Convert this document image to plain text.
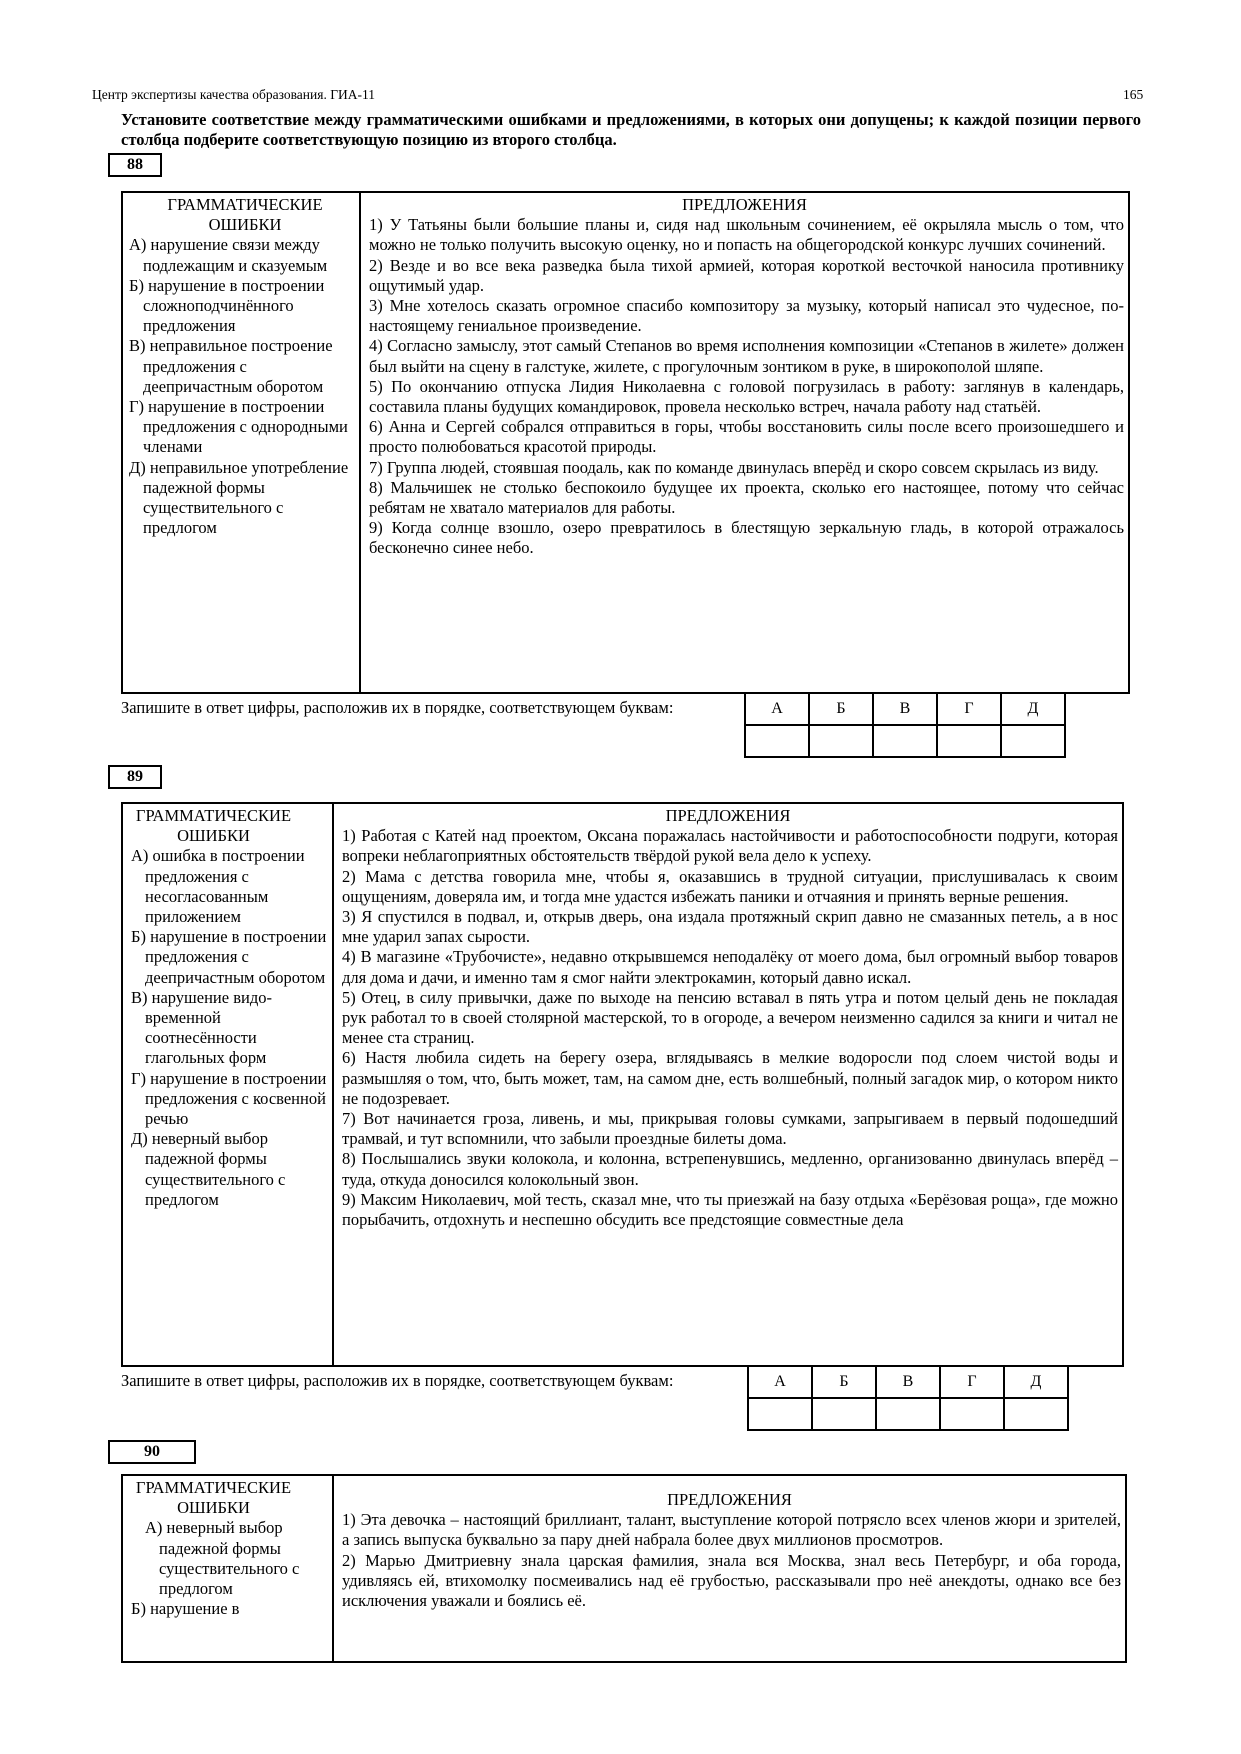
Центр экспертизы качества образования. ГИА-11	165
Установите соответствие между грамматическими ошибками и предложениями, в которых они допущены; к каждой позиции первого столбца подберите соответствующую позицию из второго столбца.
88
ГРАММАТИЧЕСКИЕ ОШИБКИ
А) нарушение связи между подлежащим и сказуемым
Б) нарушение в построении сложноподчинённого предложения
В) неправильное построение предложения с деепричастным оборотом
Г) нарушение в построении предложения с однородными членами
Д) неправильное употребление падежной формы существительного с предлогом
ПРЕДЛОЖЕНИЯ
1) У Татьяны были большие планы и, сидя над школьным сочинением, её окрыляла мысль о том, что можно не только получить высокую оценку, но и попасть на общегородской конкурс лучших сочинений.
2) Везде и во все века разведка была тихой армией, которая короткой весточкой наносила противнику ощутимый удар.
3) Мне хотелось сказать огромное спасибо композитору за музыку, который написал это чудесное, по-настоящему гениальное произведение.
4) Согласно замыслу, этот самый Степанов во время исполнения композиции «Степанов в жилете» должен был выйти на сцену в галстуке, жилете, с прогулочным зонтиком в руке, в широкополой шляпе.
5) По окончанию отпуска Лидия Николаевна с головой погрузилась в работу: заглянув в календарь, составила планы будущих командировок, провела несколько встреч, начала работу над статьёй.
6) Анна и Сергей собрался отправиться в горы, чтобы восстановить силы после всего произошедшего и просто полюбоваться красотой природы.
7) Группа людей, стоявшая поодаль, как по команде двинулась вперёд и скоро совсем скрылась из виду.
8) Мальчишек не столько беспокоило будущее их проекта, сколько его настоящее, потому что сейчас ребятам не хватало материалов для работы.
9) Когда солнце взошло, озеро превратилось в блестящую зеркальную гладь, в которой отражалось бесконечно синее небо.
Запишите в ответ цифры, расположив их в порядке, соответствующем буквам:	А	Б	В	Г	Д

89
ГРАММАТИЧЕСКИЕ ОШИБКИ
А) ошибка в построении предложения с несогласованным приложением
Б) нарушение в построении предложения с деепричастным оборотом
В) нарушение видо-временной соотнесённости глагольных форм
Г) нарушение в построении предложения с косвенной речью
Д) неверный выбор падежной формы существительного с предлогом
ПРЕДЛОЖЕНИЯ
1) Работая с Катей над проектом, Оксана поражалась настойчивости и работоспособности подруги, которая вопреки неблагоприятных обстоятельств твёрдой рукой вела дело к успеху.
2) Мама с детства говорила мне, чтобы я, оказавшись в трудной ситуации, прислушивалась к своим ощущениям, доверяла им, и тогда мне удастся избежать паники и отчаяния и принять верные решения.
3) Я спустился в подвал, и, открыв дверь, она издала протяжный скрип давно не смазанных петель, а в нос мне ударил запах сырости.
4) В магазине «Трубочисте», недавно открывшемся неподалёку от моего дома, был огромный выбор товаров для дома и дачи, и именно там я смог найти электрокамин, который давно искал.
5) Отец, в силу привычки, даже по выходе на пенсию вставал в пять утра и потом целый день не покладая рук работал то в своей столярной мастерской, то в огороде, а вечером неизменно садился за книги и читал не менее ста страниц.
6) Настя любила сидеть на берегу озера, вглядываясь в мелкие водоросли под слоем чистой воды и размышляя о том, что, быть может, там, на самом дне, есть волшебный, полный загадок мир, о котором никто не подозревает.
7) Вот начинается гроза, ливень, и мы, прикрывая головы сумками, запрыгиваем в первый подошедший трамвай, и тут вспомнили, что забыли проездные билеты дома.
8) Послышались звуки колокола, и колонна, встрепенувшись, медленно, организованно двинулась вперёд – туда, откуда доносился колокольный звон.
9) Максим Николаевич, мой тесть, сказал мне, что ты приезжай на базу отдыха «Берёзовая роща», где можно порыбачить, отдохнуть и неспешно обсудить все предстоящие совместные дела
Запишите в ответ цифры, расположив их в порядке, соответствующем буквам:	А	Б	В	Г	Д

90
ГРАММАТИЧЕСКИЕ ОШИБКИ
А) неверный выбор падежной формы существительного с предлогом
Б) нарушение в
ПРЕДЛОЖЕНИЯ
1) Эта девочка – настоящий бриллиант, талант, выступление которой потрясло всех членов жюри и зрителей, а запись выпуска буквально за пару дней набрала более двух миллионов просмотров.
2) Марью Дмитриевну знала царская фамилия, знала вся Москва, знал весь Петербург, и оба города, удивляясь ей, втихомолку посмеивались над её грубостью, рассказывали про неё анекдоты, однако все без исключения уважали и боялись её.
